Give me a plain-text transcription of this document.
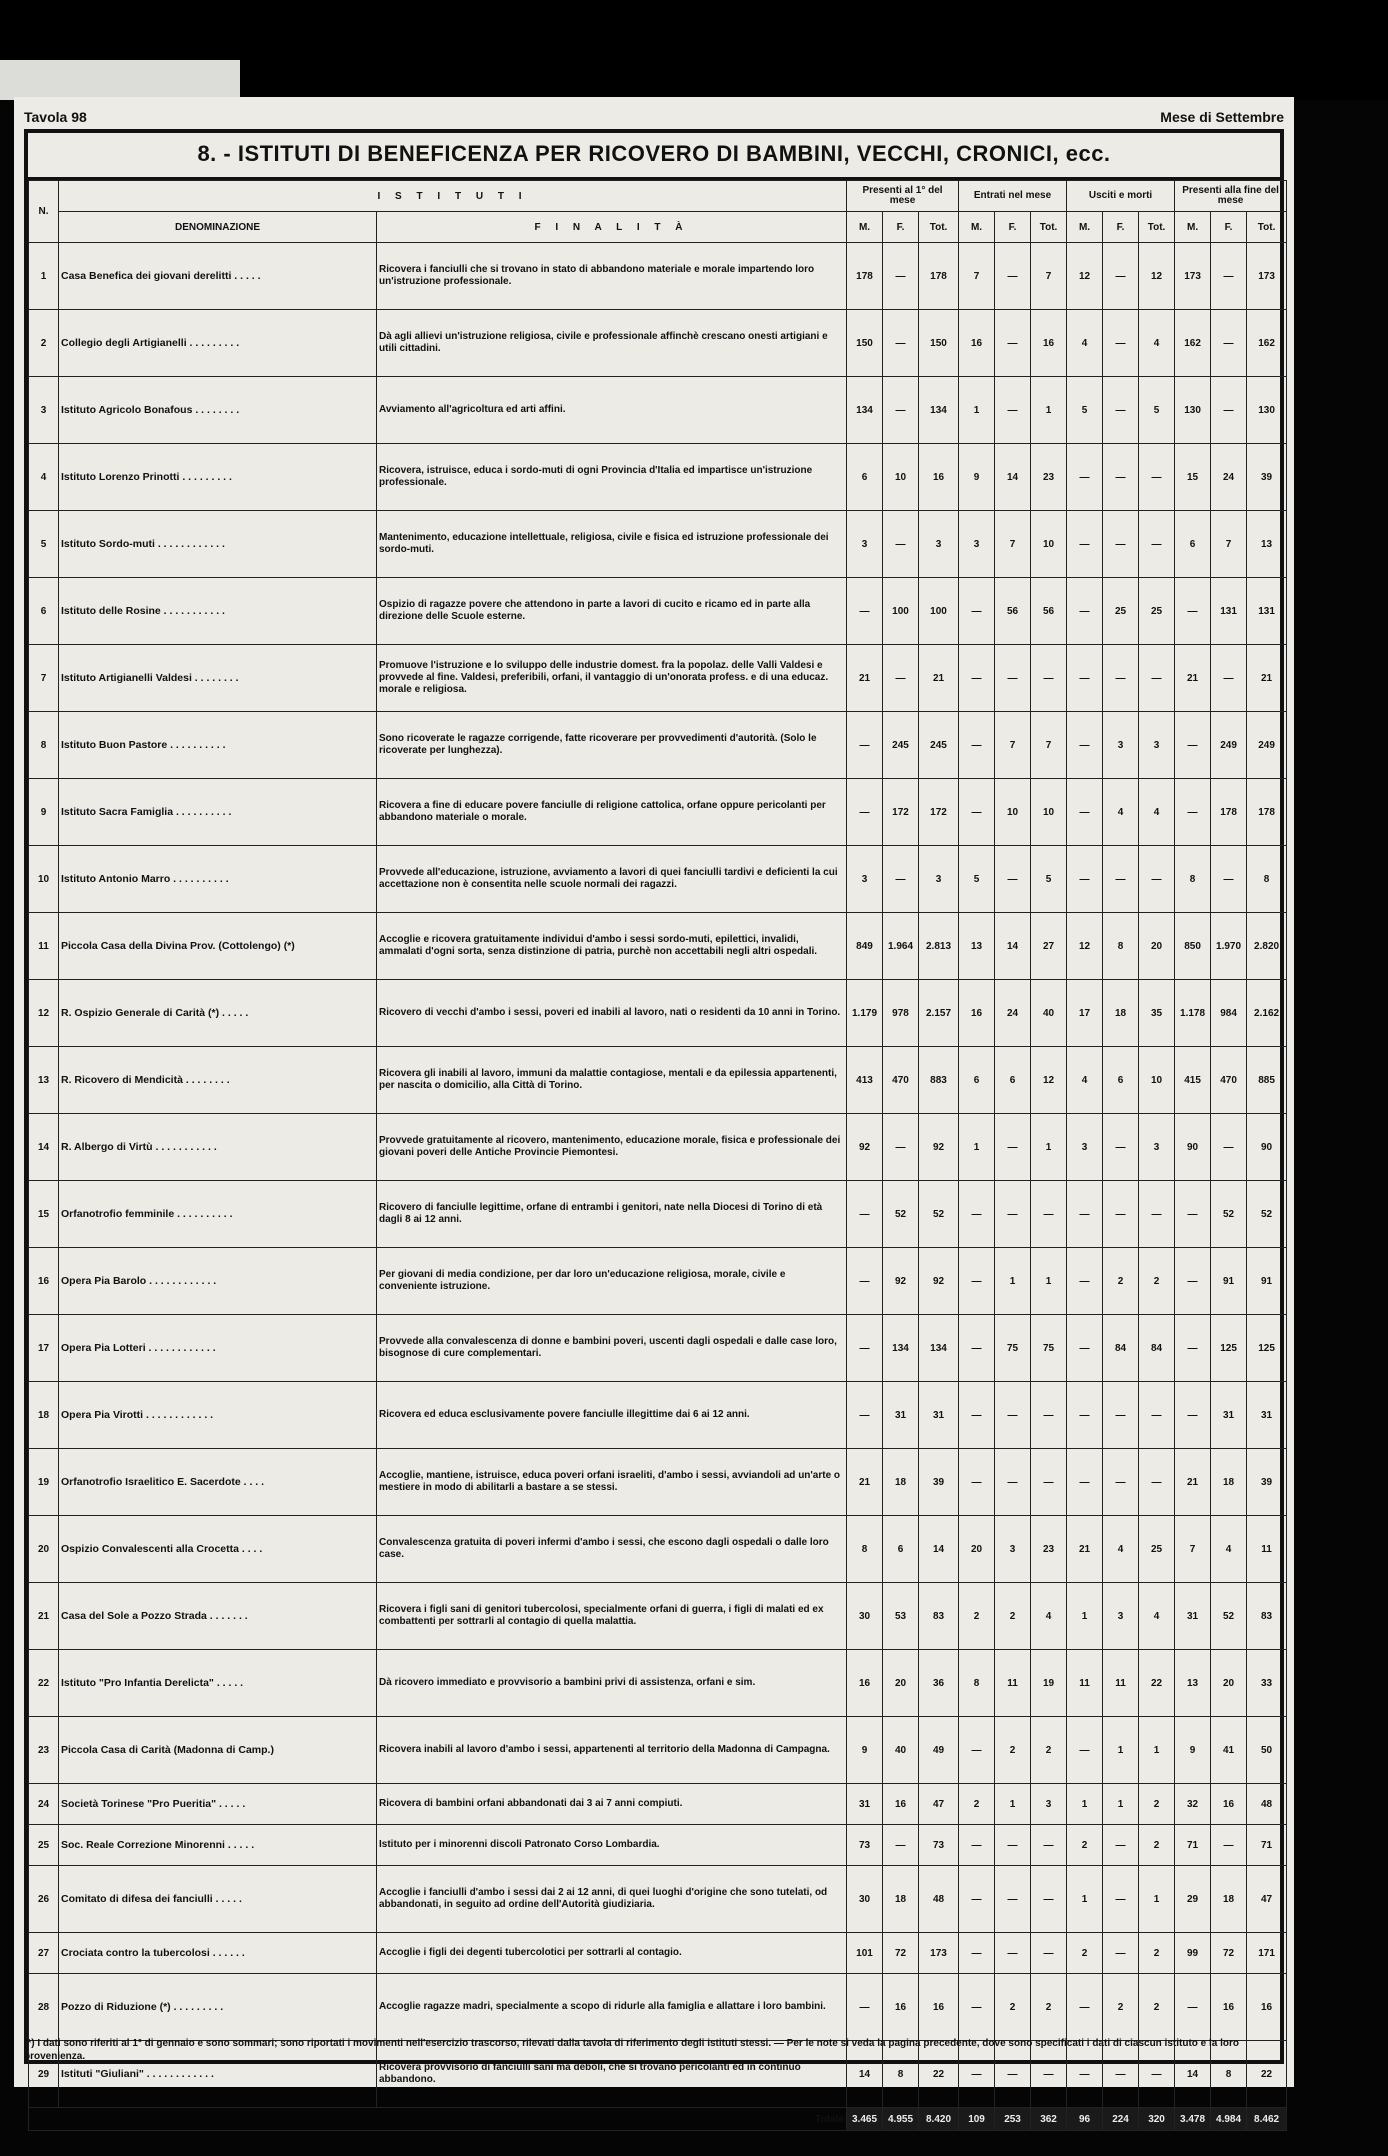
Tavola 98	Mese di Settembre
8. - ISTITUTI DI BENEFICENZA PER RICOVERO DI BAMBINI, VECCHI, CRONICI, ecc.
N.	I S T I T U T I		Presenti al 1° del mese			Entrati nel mese			Usciti e morti			Presenti alla fine del mese		
	DENOMINAZIONE	F I N A L I T À	M.	F.	Tot.	M.	F.	Tot.	M.	F.	Tot.	M.	F.	Tot.
1	Casa Benefica dei giovani derelitti . . . . .	Ricovera i fanciulli che si trovano in stato di abbandono materiale e morale impartendo loro un'istruzione professionale.	178	—	178	7	—	7	12	—	12	173	—	173
2	Collegio degli Artigianelli . . . . . . . . .	Dà agli allievi un'istruzione religiosa, civile e professionale affinchè crescano onesti artigiani e utili cittadini.	150	—	150	16	—	16	4	—	4	162	—	162
3	Istituto Agricolo Bonafous . . . . . . . .	Avviamento all'agricoltura ed arti affini.	134	—	134	1	—	1	5	—	5	130	—	130
4	Istituto Lorenzo Prinotti . . . . . . . . .	Ricovera, istruisce, educa i sordo-muti di ogni Provincia d'Italia ed impartisce un'istruzione professionale.	6	10	16	9	14	23	—	—	—	15	24	39
5	Istituto Sordo-muti . . . . . . . . . . . .	Mantenimento, educazione intellettuale, religiosa, civile e fisica ed istruzione professionale dei sordo-muti.	3	—	3	3	7	10	—	—	—	6	7	13
6	Istituto delle Rosine . . . . . . . . . . .	Ospizio di ragazze povere che attendono in parte a lavori di cucito e ricamo ed in parte alla direzione delle Scuole esterne.	—	100	100	—	56	56	—	25	25	—	131	131
7	Istituto Artigianelli Valdesi . . . . . . . .	Promuove l'istruzione e lo sviluppo delle industrie domest. fra la popolaz. delle Valli Valdesi e provvede al fine. Valdesi, preferibili, orfani, il vantaggio di un'onorata profess. e di una educaz. morale e religiosa.	21	—	21	—	—	—	—	—	—	21	—	21
8	Istituto Buon Pastore . . . . . . . . . .	Sono ricoverate le ragazze corrigende, fatte ricoverare per provvedimenti d'autorità. (Solo le ricoverate per lunghezza).	—	245	245	—	7	7	—	3	3	—	249	249
9	Istituto Sacra Famiglia . . . . . . . . . .	Ricovera a fine di educare povere fanciulle di religione cattolica, orfane oppure pericolanti per abbandono materiale o morale.	—	172	172	—	10	10	—	4	4	—	178	178
10	Istituto Antonio Marro . . . . . . . . . .	Provvede all'educazione, istruzione, avviamento a lavori di quei fanciulli tardivi e deficienti la cui accettazione non è consentita nelle scuole normali dei ragazzi.	3	—	3	5	—	5	—	—	—	8	—	8
11	Piccola Casa della Divina Prov. (Cottolengo) (*)	Accoglie e ricovera gratuitamente individui d'ambo i sessi sordo-muti, epilettici, invalidi, ammalati d'ogni sorta, senza distinzione di patria, purchè non accettabili negli altri ospedali.	849	1.964	2.813	13	14	27	12	8	20	850	1.970	2.820
12	R. Ospizio Generale di Carità (*) . . . . .	Ricovero di vecchi d'ambo i sessi, poveri ed inabili al lavoro, nati o residenti da 10 anni in Torino.	1.179	978	2.157	16	24	40	17	18	35	1.178	984	2.162
13	R. Ricovero di Mendicità . . . . . . . .	Ricovera gli inabili al lavoro, immuni da malattie contagiose, mentali e da epilessia appartenenti, per nascita o domicilio, alla Città di Torino.	413	470	883	6	6	12	4	6	10	415	470	885
14	R. Albergo di Virtù . . . . . . . . . . .	Provvede gratuitamente al ricovero, mantenimento, educazione morale, fisica e professionale dei giovani poveri delle Antiche Provincie Piemontesi.	92	—	92	1	—	1	3	—	3	90	—	90
15	Orfanotrofio femminile . . . . . . . . . .	Ricovero di fanciulle legittime, orfane di entrambi i genitori, nate nella Diocesi di Torino di età dagli 8 ai 12 anni.	—	52	52	—	—	—	—	—	—	—	52	52
16	Opera Pia Barolo . . . . . . . . . . . .	Per giovani di media condizione, per dar loro un'educazione religiosa, morale, civile e conveniente istruzione.	—	92	92	—	1	1	—	2	2	—	91	91
17	Opera Pia Lotteri . . . . . . . . . . . .	Provvede alla convalescenza di donne e bambini poveri, uscenti dagli ospedali e dalle case loro, bisognose di cure complementari.	—	134	134	—	75	75	—	84	84	—	125	125
18	Opera Pia Virotti . . . . . . . . . . . .	Ricovera ed educa esclusivamente povere fanciulle illegittime dai 6 ai 12 anni.	—	31	31	—	—	—	—	—	—	—	31	31
19	Orfanotrofio Israelitico E. Sacerdote . . . .	Accoglie, mantiene, istruisce, educa poveri orfani israeliti, d'ambo i sessi, avviandoli ad un'arte o mestiere in modo di abilitarli a bastare a se stessi.	21	18	39	—	—	—	—	—	—	21	18	39
20	Ospizio Convalescenti alla Crocetta . . . .	Convalescenza gratuita di poveri infermi d'ambo i sessi, che escono dagli ospedali o dalle loro case.	8	6	14	20	3	23	21	4	25	7	4	11
21	Casa del Sole a Pozzo Strada . . . . . . .	Ricovera i figli sani di genitori tubercolosi, specialmente orfani di guerra, i figli di malati ed ex combattenti per sottrarli al contagio di quella malattia.	30	53	83	2	2	4	1	3	4	31	52	83
22	Istituto "Pro Infantia Derelicta" . . . . .	Dà ricovero immediato e provvisorio a bambini privi di assistenza, orfani e sim.	16	20	36	8	11	19	11	11	22	13	20	33
23	Piccola Casa di Carità (Madonna di Camp.)	Ricovera inabili al lavoro d'ambo i sessi, appartenenti al territorio della Madonna di Campagna.	9	40	49	—	2	2	—	1	1	9	41	50
24	Società Torinese "Pro Pueritia" . . . . .	Ricovera di bambini orfani abbandonati dai 3 ai 7 anni compiuti.	31	16	47	2	1	3	1	1	2	32	16	48
25	Soc. Reale Correzione Minorenni . . . . .	Istituto per i minorenni discoli Patronato Corso Lombardia.	73	—	73	—	—	—	2	—	2	71	—	71
26	Comitato di difesa dei fanciulli . . . . .	Accoglie i fanciulli d'ambo i sessi dai 2 ai 12 anni, di quei luoghi d'origine che sono tutelati, od abbandonati, in seguito ad ordine dell'Autorità giudiziaria.	30	18	48	—	—	—	1	—	1	29	18	47
27	Crociata contro la tubercolosi . . . . . .	Accoglie i figli dei degenti tubercolotici per sottrarli al contagio.	101	72	173	—	—	—	2	—	2	99	72	171
28	Pozzo di Riduzione (*) . . . . . . . . .	Accoglie ragazze madri, specialmente a scopo di ridurle alla famiglia e allattare i loro bambini.	—	16	16	—	2	2	—	2	2	—	16	16
29	Istituti "Giuliani" . . . . . . . . . . . .	Ricovera provvisorio di fanciulli sani ma deboli, che si trovano pericolanti ed in continuo abbandono.	14	8	22	—	—	—	—	—	—	14	8	22
Totale			3.465	4.955	8.420	109	253	362	96	224	320	3.478	4.984	8.462
(*) I dati sono riferiti al 1° di gennaio e sono sommari; sono riportati i movimenti nell'esercizio trascorso, rilevati dalla tavola di riferimento degli istituti stessi. — Per le note si veda la pagina precedente, dove sono specificati i dati di ciascun istituto e la loro provenienza.
